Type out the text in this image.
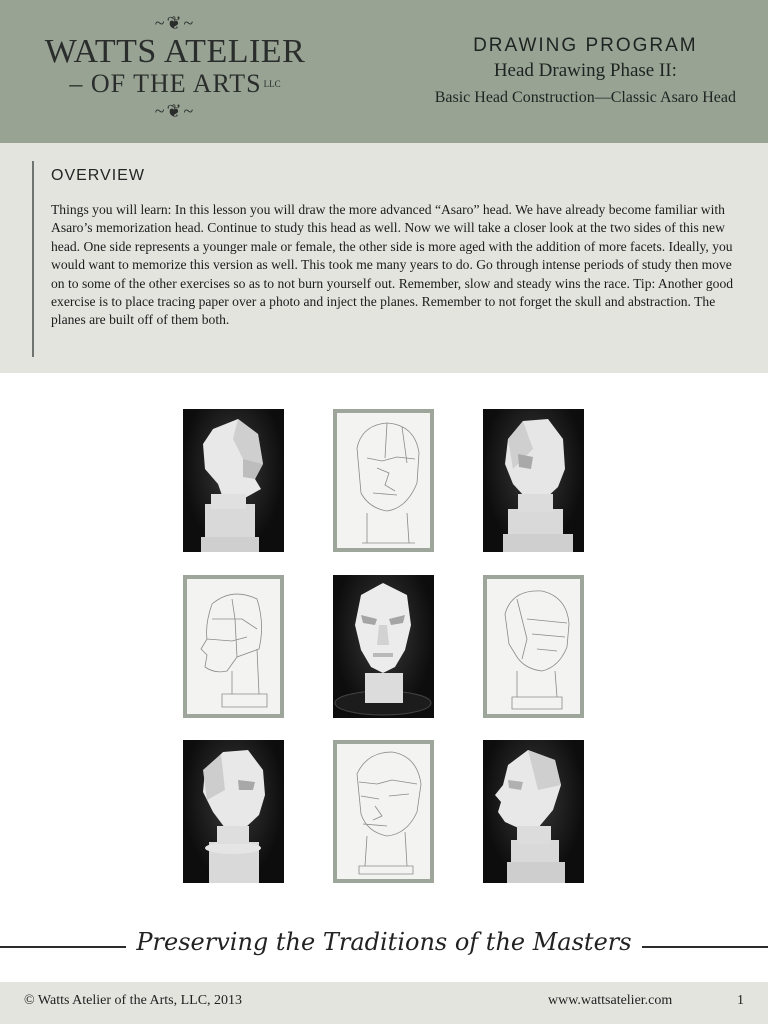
~❦~
WATTS ATELIER
– OF THE ARTS LLC
~❦~
DRAWING PROGRAM
Head Drawing Phase II:
Basic Head Construction—Classic Asaro Head
OVERVIEW
Things you will learn: In this lesson you will draw the more advanced “Asaro” head. We have already become familiar with Asaro’s memorization head. Continue to study this head as well. Now we will take a closer look at the two sides of this new head. One side represents a younger male or female, the other side is more aged with the addition of more facets. Ideally, you would want to memorize this version as well. This took me many years to do. Go through intense periods of study then move on to some of the other exercises so as to not burn yourself out. Remember, slow and steady wins the race. Tip: Another good exercise is to place tracing paper over a photo and inject the planes. Remember to not forget the skull and abstraction. The planes are built off of them both.
Preserving the Traditions of the Masters
© Watts Atelier of the Arts, LLC, 2013	www.wattsatelier.com	1
